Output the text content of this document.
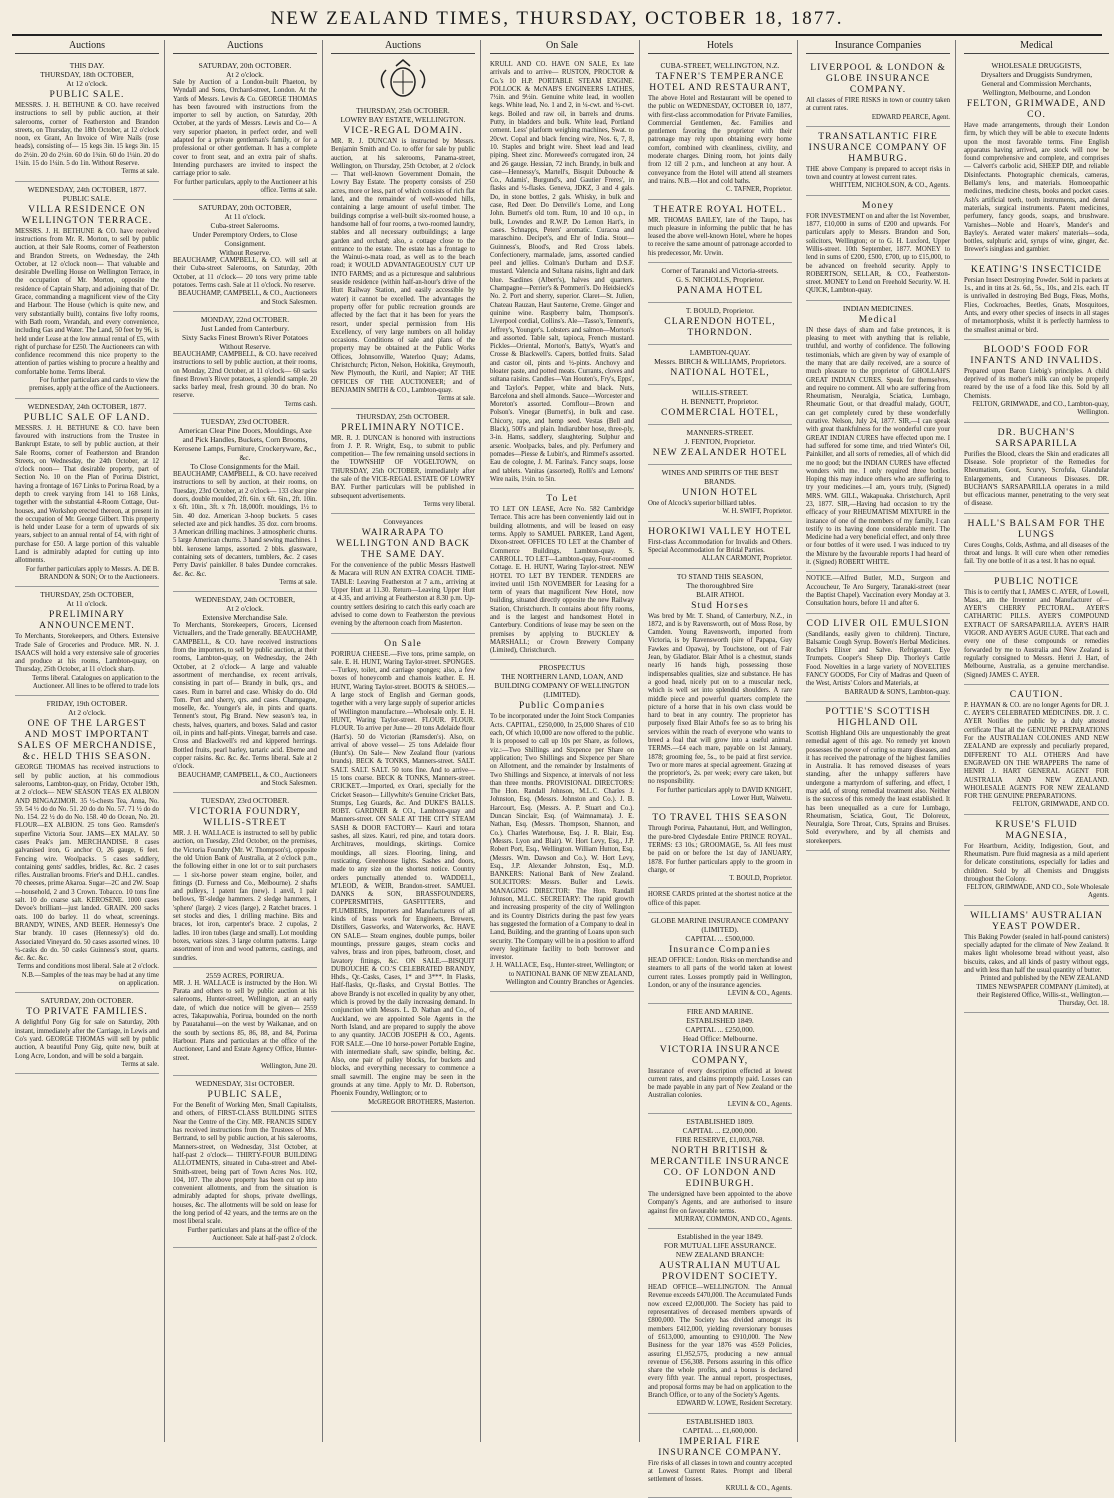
NEW ZEALAND TIMES, THURSDAY, OCTOBER 18, 1877.
Auctions
THIS DAY.
THURSDAY, 18th OCTOBER,
At 12 o'clock.
PUBLIC SALE.
MESSRS. J. H. BETHUNE & CO. have received instructions to sell by public auction, at their salerooms, corner of Featherston and Brandon streets, on Thursday, the 18th October, at 12 o'clock noon, ex Grant, An Invoice of Wire Nails (rose heads), consisting of— 15 kegs 3in. 15 kegs 3in. 15 do 2½in. 20 do 2½in. 60 do 1¾in. 60 do 1¼in. 20 do 1¼in. 15 do 1¼in. 5 do 1in. Without Reserve.
Terms at sale.
WEDNESDAY, 24th OCTOBER, 1877.
PUBLIC SALE.
VILLA RESIDENCE ON WELLINGTON TERRACE.
MESSRS. J. H. BETHUNE & CO. have received instructions from Mr. R. Morton, to sell by public auction, at their Sale Rooms, corner of Featherston and Brandon Streets, on Wednesday, the 24th October, at 12 o'clock noon— That valuable and desirable Dwelling House on Wellington Terrace, in the occupation of Mr. Morton, opposite the residence of Captain Sharp, and adjoining that of Dr. Grace, commanding a magnificent view of the City and Harbour. The House (which is quite new, and very substantially built), contains five lofty rooms, with Bath room, Verandah, and every convenience, including Gas and Water. The Land, 50 feet by 96, is held under Lease at the low annual rental of £5, with right of purchase for £250. The Auctioneers can with confidence recommend this nice property to the attention of parties wishing to procure a healthy and comfortable home. Terms liberal.
For further particulars and cards to view the premises, apply at the office of the Auctioneers.
WEDNESDAY, 24th OCTOBER, 1877.
PUBLIC SALE OF LAND.
MESSRS. J. H. BETHUNE & CO. have been favoured with instructions from the Trustee in Bankrupt Estate, to sell by public auction, at their Sale Rooms, corner of Featherston and Brandon Streets, on Wednesday, the 24th October, at 12 o'clock noon— That desirable property, part of Section No. 10 on the Plan of Porirua District, having a frontage of 167 Links to Porirua Road, by a depth to creek varying from 141 to 168 Links, together with the substantial 4-Room Cottage, Out-houses, and Workshop erected thereon, at present in the occupation of Mr. George Gilbert. This property is held under Lease for a term of upwards of six years, subject to an annual rental of £4, with right of purchase for £50. A large portion of this valuable Land is admirably adapted for cutting up into allotments.
For further particulars apply to Messrs. A. DE B. BRANDON & SON; Or to the Auctioneers.
THURSDAY, 25th OCTOBER,
At 11 o'clock.
PRELIMINARY ANNOUNCEMENT.
To Merchants, Storekeepers, and Others. Extensive Trade Sale of Groceries and Produce. MR. N. J. ISAACS will hold a very extensive sale of groceries and produce at his rooms, Lambton-quay, on Thursday, 25th October, at 11 o'clock sharp.
Terms liberal. Catalogues on application to the Auctioneer. All lines to be offered to trade lots
FRIDAY, 19th OCTOBER.
At 2 o'clock.
ONE OF THE LARGEST AND MOST IMPORTANT SALES OF MERCHANDISE, &c. HELD THIS SEASON.
GEORGE THOMAS has received instructions to sell by public auction, at his commodious salerooms, Lambton-quay, on Friday, October 19th, at 2 o'clock— NEW SEASON TEAS EX ALBION AND BINGAZIMOR. 35 ½-chests Tea, Anna, No. 59. 54 ½ do do No. 51. 20 do do No. 57. 71 ½ do do No. 154. 22 ½ do do No. 158. 40 do Ocean, No. 20. FLOUR—EX ALBION. 25 tons Geo. Ramsden's superfine Victoria Sour. JAMS—EX MALAY. 50 cases Peak's jam. MERCHANDISE. 8 cases galvanised iron, G anchor O, 26 gauge, 6 feet. Fencing wire. Woolpacks. 5 cases saddlery, containing gents' saddles, bridles, &c. &c. 2 cases rifles. Australian brooms. Frier's and D.H.L. candles. 70 cheeses, prime Akaroa. Sugar—2C and 2W. Soap—household, 2 and 3 Crown. Tobacco. 10 tons fine salt. 10 do coarse salt. KEROSENE. 1000 cases Devoe's brilliant—just landed. GRAIN. 200 sacks oats. 100 do barley. 11 do wheat, screenings. BRANDY, WINES, AND BEER. Hennessy's One Star brandy. 10 cases (Hennessy's) old do. Associated Vineyard do. 50 cases assorted wines. 10 ¼-casks do do. 50 casks Guinness's stout, quarts. &c. &c. &c.
Terms and conditions most liberal. Sale at 2 o'clock. N.B.—Samples of the teas may be had at any time on application.
SATURDAY, 20th OCTOBER.
TO PRIVATE FAMILIES.
A delightful Pony Gig for sale on Saturday, 20th instant, immediately after the Carriage, in Lewis and Co's yard. GEORGE THOMAS will sell by public auction, A beautiful Pony Gig, quite new, built at Long Acre, London, and will be sold a bargain.
Terms at sale.
Auctions
SATURDAY, 20th OCTOBER.
At 2 o'clock.
Sale by Auction of a London-built Phaeton, by Wyndall and Sons, Orchard-street, London. At the Yards of Messrs. Lewis & Co. GEORGE THOMAS has been favoured with instructions from the importer to sell by auction, on Saturday, 20th October, at the yards of Messrs. Lewis and Co— A very superior phaeton, in perfect order, and well adapted for a private gentleman's family, or for a professional or other gentleman. It has a complete cover to front seat, and an extra pair of shafts. Intending purchasers are invited to inspect the carriage prior to sale.
For further particulars, apply to the Auctioneer at his office. Terms at sale.
SATURDAY, 20th OCTOBER,
At 11 o'clock.
Cuba-street Salerooms.
Under Peremptory Orders, to Close Consignment.
Without Reserve.
BEAUCHAMP, CAMPBELL, & CO. will sell at their Cuba-street Salerooms, on Saturday, 20th October, at 11 o'clock— 20 tons very prime table potatoes. Terms cash. Sale at 11 o'clock. No reserve.
BEAUCHAMP, CAMPBELL, & CO., Auctioneers and Stock Salesmen.
MONDAY, 22nd OCTOBER.
Just Landed from Canterbury.
Sixty Sacks Finest Brown's River Potatoes Without Reserve.
BEAUCHAMP, CAMPBELL, & CO. have received instructions to sell by public auction, at their rooms, on Monday, 22nd October, at 11 o'clock— 60 sacks finest Brown's River potatoes, a splendid sample. 20 sacks barley meal, fresh ground. 30 do bran. No reserve.
Terms cash.
TUESDAY, 23rd OCTOBER.
American Clear Pine Doors, Mouldings, Axe and Pick Handles, Buckets, Corn Brooms, Kerosene Lamps, Furniture, Crockeryware, &c., &c.
To Close Consignments for the Mail.
BEAUCHAMP, CAMPBELL, & CO. have received instructions to sell by auction, at their rooms, on Tuesday, 23rd October, at 2 o'clock— 133 clear pine doors, double moulded, 2ft. 6in. x 6ft. 6in., 2ft. 10in. x 6ft. 10in., 3ft. x 7ft. 18,000ft. mouldings, 1½ to 5in. 40 doz. American 3-hoop buckets. 5 cases selected axe and pick handles. 35 doz. corn brooms. 3 American drilling machines. 3 atmospheric churns. 5 large American churns. 3 hand sewing machines. 1 bbl. kerosene lamps, assorted. 2 bbls. glassware, containing sets of decanters, tumblers, &c. 2 cases Perry Davis' painkiller. 8 bales Dundee corncrakes. &c. &c. &c.
Terms at sale.
WEDNESDAY, 24th OCTOBER,
At 2 o'clock.
Extensive Merchandise Sale.
To Merchants, Storekeepers, Grocers, Licensed Victuallers, and the Trade generally. BEAUCHAMP, CAMPBELL, & CO. have received instructions from the importers, to sell by public auction, at their rooms, Lambton-quay, on Wednesday, the 24th October, at 2 o'clock— A large and valuable assortment of merchandise, ex recent arrivals, consisting in part of— Brandy in bulk, qrs., and cases. Rum in barrel and case. Whisky do do. Old Tom. Port and sherry, qrs. and cases. Champagne, moselle, &c. Younger's ale, in pints and quarts. Tennent's stout, Pig Brand. New season's tea, in chests, halves, quarters, and boxes. Salad and castor oil, in pints and half-pints. Vinegar, barrels and case. Cross and Blackwell's red and kippered herrings. Bottled fruits, pearl barley, tartaric acid. Ebeme and copper raisins. &c. &c. &c. Terms liberal. Sale at 2 o'clock.
BEAUCHAMP, CAMPBELL, & CO., Auctioneers and Stock Salesmen.
TUESDAY, 23rd OCTOBER.
VICTORIA FOUNDRY, WILLIS-STREET
MR. J. H. WALLACE is instructed to sell by public auction, on Tuesday, 23rd October, on the premises, the Victoria Foundry (Mr. W. Thompson's), opposite the old Union Bank of Australia, at 2 o'clock p.m., the following either in one lot or to suit purchasers— 1 six-horse power steam engine, boiler, and fittings (D. Furness and Co., Melbourne). 2 shafts and pulleys, 1 patent fan (new). 1 anvil, 1 pair bellows, 'B'-sledge hammers. 2 sledge hammers, 1 'sphere' (large). 2 vices (large), 2 Ratchet braces. 1 set stocks and dies, 1 drilling machine. Bits and braces, lot iron, carpenter's brace. 2 cupolas, 2 ladles. 10 iron tubes (large and small). Lot moulding boxes, various sizes. 3 large column patterns. Large assortment of iron and wood patterns, castings, and sundries.
2559 ACRES, PORIRUA.
MR. J. H. WALLACE is instructed by the Hon. Wi Parata and others to sell by public auction at his salerooms, Hunter-street, Wellington, at an early date, of which due notice will be given— 2559 acres, Takapuwahia, Porirua, bounded on the north by Pauatahanui—on the west by Waikanae, and on the south by sections 85, 86, 88, and 84, Porirua Harbour. Plans and particulars at the office of the Auctioneer, Land and Estate Agency Office, Hunter-street.
Wellington, June 20.
WEDNESDAY, 31st OCTOBER.
PUBLIC SALE,
For the Benefit of Working Men, Small Capitalists, and others, of FIRST-CLASS BUILDING SITES Near the Centre of the City. MR. FRANCIS SIDEY has received instructions from the Trustees of Mrs. Bertrand, to sell by public auction, at his salerooms, Manners-street, on Wednesday, 31st October, at half-past 2 o'clock— THIRTY-FOUR BUILDING ALLOTMENTS, situated in Cuba-street and Abel-Smith-street, being part of Town Acres Nos. 102, 104, 107. The above property has been cut up into convenient allotments, and from the situation is admirably adapted for shops, private dwellings, houses, &c. The allotments will be sold on lease for the long period of 42 years, and the terms are on the most liberal scale.
Further particulars and plans at the office of the Auctioneer. Sale at half-past 2 o'clock.
Auctions
THURSDAY, 25th OCTOBER.
LOWRY BAY ESTATE, WELLINGTON.
VICE-REGAL DOMAIN.
MR. R. J. DUNCAN is instructed by Messrs. Benjamin Smith and Co. to offer for sale by public auction, at his salerooms, Panama-street, Wellington, on Thursday, 25th October, at 2 o'clock— That well-known Government Domain, the Lowry Bay Estate. The property consists of 250 acres, more or less, part of which consists of rich flat land, and the remainder of well-wooded hills, containing a large amount of useful timber. The buildings comprise a well-built six-roomed house, a handsome hall of four rooms, a two-roomed laundry, stables and all necessary outbuildings; a large garden and orchard; also, a cottage close to the entrance to the estate. The estate has a frontage to the Wainui-o-mata road, as well as to the beach road; it WOULD ADVANTAGEOUSLY CUT UP INTO FARMS; and as a picturesque and salubrious seaside residence (within half-an-hour's drive of the Hutt Railway Station, and easily accessible by water) it cannot be excelled. The advantages the property offer for public recreation grounds are affected by the fact that it has been for years the resort, under special permission from His Excellency, of very large numbers on all holiday occasions. Conditions of sale and plans of the property may be obtained at the Public Works Offices, Johnsonville, Waterloo Quay; Adams, Christchurch; Picton, Nelson, Hokitika, Greymouth, New Plymouth, the Kuril, and Napier; AT THE OFFICES OF THE AUCTIONEER; and of BENJAMIN SMITH & CO., Lambton-quay.
Terms at sale.
THURSDAY, 25th OCTOBER.
PRELIMINARY NOTICE.
MR. R. J. DUNCAN is honored with instructions from J. P. R. Wright, Esq., to submit to public competition— The few remaining unsold sections in the TOWNSHIP OF VOGELTOWN, on THURSDAY, 25th OCTOBER, immediately after the sale of the VICE-REGAL ESTATE OF LOWRY BAY. Further particulars will be published in subsequent advertisements.
Terms very liberal.
Conveyances
WAIRARAPA TO WELLINGTON AND BACK THE SAME DAY.
For the convenience of the public Messrs Hastwell & Macara will RUN AN EXTRA COACH. TIME-TABLE: Leaving Featherston at 7 a.m., arriving at Upper Hutt at 11.30. Return—Leaving Upper Hutt at 4.35, and arriving at Featherston at 8.30 p.m. Up-country settlers desiring to catch this early coach are advised to come down to Featherston the previous evening by the afternoon coach from Masterton.
On Sale
PORIRUA CHEESE.—Five tons, prime sample, on sale. E. H. HUNT, Waring Taylor-street. SPONGES.—Turkey, toilet, and carriage sponges; also, a few boxes of honeycomb and chamois leather. E. H. HUNT, Waring Taylor-street. BOOTS & SHOES.—A large stock of English and German goods, together with a very large supply of superior articles of Wellington manufacture.—Wholesale only. E. H. HUNT, Waring Taylor-street. FLOUR. FLOUR. FLOUR. To arrive per June— 20 tons Adelaide flour (Hart's). 50 do Victorian (Ramsden's). Also, on arrival of above vessel— 25 tons Adelaide flour (Hunt's). On Sale— New Zealand flour (various brands). BECK & TONKS, Manners-street. SALT. SALT. SALT. SALT. 50 tons fine. And to arrive— 15 tons coarse. BECK & TONKS, Manners-street. CRICKET.—Imported, ex Orari, specially for the Cricket Season— Lillywhite's Genuine Cricket Bats, Stumps, Leg Guards, &c. And DUKE'S BALLS. ROBT. GARDNER & CO., Lambton-quay and Manners-street. ON SALE AT THE CITY STEAM SASH & DOOR FACTORY— Kauri and totara sashes, all sizes. Kauri, red pine, and totara doors. Architraves, mouldings, skirtings. Cornice mouldings, all sizes. Flooring, lining, and rusticating. Greenhouse lights. Sashes and doors, made to any size on the shortest notice. Country orders punctually attended to. WADDELL, M'LEOD, & WEIR, Brandon-street. SAMUEL DANKS & SON, BRASSFOUNDERS, COPPERSMITHS, GASFITTERS, and PLUMBERS, Importers and Manufacturers of all kinds of brass work for Engineers, Brewers, Distillers, Gasworks, and Waterworks, &c. HAVE ON SALE— Steam engines, double pumps, boiler mountings, pressure gauges, steam cocks and valves, brass and iron pipes, bathroom, closet, and lavatory fittings, &c. ON SALE.—BISQUIT DUBOUCHE & CO.'S CELEBRATED BRANDY, Hhds., Qr.-Casks, Cases, 1* and 3***. In Flasks, Half-flasks, Qr.-flasks, and Crystal Bottles. The above Brandy is not excelled in quality by any other, which is proved by the daily increasing demand. In conjunction with Messrs. L. D. Nathan and Co., of Auckland, we are appointed Sole Agents in the North Island, and are prepared to supply the above to any quantity. JACOB JOSEPH & CO., Agents. FOR SALE.—One 10 horse-power Portable Engine, with intermediate shaft, saw spindle, belting, &c. Also, one pair of pulley blocks, for buckets and blocks, and everything necessary to commence a small sawmill. The engine may be seen in the grounds at any time. Apply to Mr. D. Robertson, Phoenix Foundry, Wellington; or to
McGREGOR BROTHERS, Masterton.
On Sale
KRULL AND CO. HAVE ON SALE, Ex late arrivals and to arrive— RUSTON, PROCTOR & Co.'s 10 H.P. PORTABLE STEAM ENGINE. POLLOCK & McNAB'S ENGINEERS LATHES, 7½in. and 9½in. Genuine white lead, in woollen kegs. White lead, No. 1 and 2, in ¼-cwt. and ½-cwt. kegs. Boiled and raw oil, in barrels and drums. Putty, in bladders and bulk. White lead, Portland cement. Less' platform weighing machines, Swat. to 20cwt. Copal and black fencing wire, Nos. 6, 7, 8, 10. Staples and bright wire. Sheet lead and lead piping. Sheet zinc. Moreweed's corrugated iron, 24 and 26 gauge. Hessian, 72 inch. Brandy, in bulk and case—Hennessy's, Martell's, Bisquit Dubouche & Co., Adamis', Burgund's, and Gautier Freres', in flasks and ½-flasks. Geneva, JDKZ, 3 and 4 gals. Do, in stone bottles, 2 gals. Whisky, in bulk and case, Red Deer. Do Denville's Lorne, and Long John. Burnett's old tom. Rum, 10 and 10 o.p., in bulk, Lowndes and R.W.P. Do Lemon Hart's, in cases. Schnapps, Peters' aromatic. Curacoa and maraschino. Decipet's, and Ehr of India. Stout—Guinness's, Blood's, and Red Cross labels. Confectionery, marmalade, jams, assorted candied peel and jellies. Colman's Durham and D.S.F. mustard. Valencia and Sultana raisins, light and dark blue. Sardines (Albert's), halves and quarters. Champagne—Perrier's & Pommeri's. Do Heidsieck's No. 2. Port and sherry, superior. Claret—St. Julien, Chateau Rauzan, Haut Sauterne, Creme. Ginger and quinine wine. Raspberry balm, Thompson's. Liverpool cordial, Collins's. Ale—Tasso's, Tennent's, Jeffrey's, Younger's. Lobsters and salmon—Morton's and assorted. Table salt, tapioca, French mustard. Pickles—Oriental, Morton's, Batty's, Wyatt's and Crosse & Blackwell's. Capers, bottled fruits. Salad and castor oil, pints and ½-pints. Anchovy and bloater paste, and potted meats. Currants, cloves and sultana raisins. Candles—Van Houten's, Fry's, Epps', and Taylor's. Pepper, white and black. Nuts, Barcelona and shell almonds. Sauce—Worcester and Moreton's assorted. Cornflour—Brown and Polson's. Vinegar (Burnett's), in bulk and case. Chicory, rape, and hemp seed. Vestas (Bell and Black), 500's and plain. Indiarubber hose, three-ply, 3-in. Hams, saddlery, slaughtering. Sulphur and arsenic. Woolpacks, bales, and ply. Perfumery and pomades—Piesse & Lubin's, and Rimmel's assorted. Eau de cologne, J. M. Farina's. Fancy soaps, loose and tablets. Vanitas (assorted), Rolli's and Lemons' Wire nails, 1½in. to 5in.
To Let
TO LET ON LEASE, Acre No. 582 Cambridge Terrace. This acre has been conveniently laid out in building allotments, and will be leased on easy terms. Apply to SAMUEL PARKER, Land Agent, Dixon-street. OFFICES TO LET at the Chamber of Commerce Buildings, Lambton-quay. S. CARROLL. TO LET—Lambton-quay, Four-roomed Cottage. E. H. HUNT, Waring Taylor-street. NEW HOTEL TO LET BY TENDER. TENDERS are invited until 15th NOVEMBER for Leasing for a term of years that magnificent New Hotel, now building, situated directly opposite the new Railway Station, Christchurch. It contains about fifty rooms, and is the largest and handsomest Hotel in Canterbury. Conditions of lease may be seen on the premises by applying to BUCKLEY & MARSHALL; or Crown Brewery Company (Limited), Christchurch.
PROSPECTUS
THE NORTHERN LAND, LOAN, AND BUILDING COMPANY OF WELLINGTON (LIMITED).
Public Companies
To be incorporated under the Joint Stock Companies Acts. CAPITAL, £250,000, In 25,000 Shares of £10 each, Of which 10,000 are now offered to the public. It is proposed to call up 10s per Share, as follows, viz.:—Two Shillings and Sixpence per Share on application; Two Shillings and Sixpence per Share on Allotment, and the remainder by Instalments of Two Shillings and Sixpence, at intervals of not less than three months. PROVISIONAL DIRECTORS: The Hon. Randall Johnson, M.L.C. Charles J. Johnston, Esq. (Messrs. Johnston and Co.). J. B. Harcourt, Esq. (Messrs. A. P. Stuart and Co.). Duncan Sinclair, Esq. (of Waimnamata). J. E. Nathan, Esq. (Messrs. Thompson, Shannon, and Co.). Charles Waterhouse, Esq. J. R. Blair, Esq. (Messrs. Lyon and Blair). W. Hort Levy, Esq., J.P. Robert Port, Esq., Wellington. William Hutton, Esq. (Messrs. Wm. Dawson and Co.). W. Hort Levy, Esq., J.P. Alexander Johnston, Esq., M.D. BANKERS: National Bank of New Zealand. SOLICITORS: Messrs. Buller and Lewis. MANAGING DIRECTOR: The Hon. Randall Johnson, M.L.C. SECRETARY: The rapid growth and increasing prosperity of the city of Wellington and its Country Districts during the past few years has suggested the formation of a Company to deal in Land, Building, and the granting of Loans upon such security. The Company will be in a position to afford every legitimate facility to both borrower and investor.
J. H. WALLACE, Esq., Hunter-street, Wellington; or to NATIONAL BANK OF NEW ZEALAND, Wellington and Country Branches or Agencies.
Hotels
CUBA-STREET, WELLINGTON, N.Z.
TAFNER'S TEMPERANCE HOTEL AND RESTAURANT,
The above Hotel and Restaurant will be opened to the public on WEDNESDAY, OCTOBER 10, 1877, with first-class accommodation for Private Families, Commercial Gentlemen, &c. Families and gentlemen favoring the proprietor with their patronage may rely upon obtaining every home comfort, combined with cleanliness, civility, and moderate charges. Dining room, hot joints daily from 12 till 2 p.m., and luncheon at any hour. A conveyance from the Hotel will attend all steamers and trains. N.B.—Hot and cold baths.
C. TAFNER, Proprietor.
THEATRE ROYAL HOTEL.
MR. THOMAS BAILEY, late of the Taupo, has much pleasure in informing the public that he has leased the above well-known Hotel, where he hopes to receive the same amount of patronage accorded to his predecessor, Mr. Urwin.
Corner of Taranaki and Victoria-streets.
G. S. NICHOLLS, Proprietor.
PANAMA HOTEL
T. BOULD, Proprietor.
CLARENDON HOTEL, THORNDON.
LAMBTON-QUAY.
Messrs. BIRCH & WILLIAMS, Proprietors.
NATIONAL HOTEL,
WILLIS-STREET.
H. BENNETT, Proprietor.
COMMERCIAL HOTEL,
MANNERS-STREET.
J. FENTON, Proprietor.
NEW ZEALANDER HOTEL
WINES AND SPIRITS OF THE BEST BRANDS.
UNION HOTEL
One of Alcock's superior billiard tables.
W. H. SWIFT, Proprietor.
HOROKIWI VALLEY HOTEL
First-class Accommodation for Invalids and Others. Special Accommodation for Bridal Parties.
ALLAN CARMONT, Proprietor.
TO STAND THIS SEASON,
The thoroughbred Sire
BLAIR ATHOL
Stud Horses
Was bred by Mr. T. Shand, of Canterbury, N.Z., in 1872, and is by Ravensworth, out of Moss Rose, by Camden. Young Ravensworth, imported from Victoria, is by Ravensworth (sire of Papapa, Guy Fawkes and Opawa), by Touchstone, out of Fair Jean, by Gladiator. Blair Athol is a chestnut, stands nearly 16 hands high, possessing those indispensables qualities, size and substance. He has a good head, nicely put on to a muscular neck, which is well set into splendid shoulders. A rare middle piece and powerful quarters complete the picture of a horse that in his own class would be hard to beat in any country. The proprietor has purposely fixed Blair Athol's fee so as to bring his services within the reach of everyone who wants to breed a foal that will grow into a useful animal. TERMS.—£4 each mare, payable on 1st January, 1878; grooming fee, 5s., to be paid at first service. Two or more mares at special agreement. Grazing at the proprietor's, 2s. per week; every care taken, but no responsibility.
For further particulars apply to DAVID KNIGHT, Lower Hutt, Waiwetu.
TO TRAVEL THIS SEASON
Through Porirua, Pahautanui, Hutt, and Wellington, the pure-bred Clydesdale Entire PRINCE ROYAL. TERMS: £3 10s.; GROOMAGE, 5s. All fees must be paid on or before the 1st day of JANUARY, 1878. For further particulars apply to the groom in charge, or
T. BOULD, Proprietor.
HORSE CARDS printed at the shortest notice at the office of this paper.
GLOBE MARINE INSURANCE COMPANY (LIMITED).
CAPITAL ... £500,000.
Insurance Companies
HEAD OFFICE: London. Risks on merchandise and steamers to all parts of the world taken at lowest current rates. Losses promptly paid in Wellington, London, or any of the insurance agencies.
LEVIN & CO., Agents.
FIRE AND MARINE.
ESTABLISHED 1849.
CAPITAL ... £250,000.
Head Office: Melbourne.
VICTORIA INSURANCE COMPANY,
Insurance of every description effected at lowest current rates, and claims promptly paid. Losses can be made payable in any part of New Zealand or the Australian colonies.
LEVIN & CO., Agents.
ESTABLISHED 1809.
CAPITAL ... £2,000,000.
FIRE RESERVE, £1,003,768.
NORTH BRITISH & MERCANTILE INSURANCE CO. OF LONDON AND EDINBURGH.
The undersigned have been appointed to the above Company's Agents, and are authorised to insure against fire on favourable terms.
MURRAY, COMMON, AND CO., Agents.
Established in the year 1849.
FOR MUTUAL LIFE ASSURANCE.
NEW ZEALAND BRANCH:
AUSTRALIAN MUTUAL PROVIDENT SOCIETY.
HEAD OFFICE—WELLINGTON. The Annual Revenue exceeds £470,000. The Accumulated Funds now exceed £2,000,000. The Society has paid to representatives of deceased members upwards of £800,000. The Society has divided amongst its members £412,000, yielding reversionary bonuses of £613,000, amounting to £910,000. The New Business for the year 1876 was 4559 Policies, assuring £1,952,575, producing a new annual revenue of £56,308. Persons assuring in this office share the whole profits, and a bonus is declared every fifth year. The annual report, prospectuses, and proposal forms may be had on application to the Branch Office, or to any of the Society's Agents.
EDWARD W. LOWE, Resident Secretary.
ESTABLISHED 1803.
CAPITAL ... £1,600,000.
IMPERIAL FIRE INSURANCE COMPANY.
Fire risks of all classes in town and country accepted at Lowest Current Rates. Prompt and liberal settlement of losses.
KRULL & CO., Agents.
Insurance Companies
LIVERPOOL & LONDON & GLOBE INSURANCE COMPANY.
All classes of FIRE RISKS in town or country taken at current rates.
EDWARD PEARCE, Agent.
TRANSATLANTIC FIRE INSURANCE COMPANY OF HAMBURG.
THE above Company is prepared to accept risks in town and country at lowest current rates.
WHITTEM, NICHOLSON, & CO., Agents.
Money
FOR INVESTMENT on and after the 1st November, 1877, £10,000 in sums of £200 and upwards. For particulars apply to Messrs. Brandon and Son, solicitors, Wellington; or to G. H. Luxford, Upper Willis-street. 10th September, 1877. MONEY to lend in sums of £200, £500, £700, up to £15,000, to be advanced on freehold security. Apply to ROBERTSON, SELLAR, & CO., Featherston-street. MONEY to Lend on Freehold Security. W. H. QUICK, Lambton-quay.
INDIAN MEDICINES.
Medical
IN these days of sham and false pretences, it is pleasing to meet with anything that is reliable, truthful, and worthy of confidence. The following testimonials, which are given by way of example of the many that are daily received, are a source of much pleasure to the proprietor of GHOLLAH'S GREAT INDIAN CURES. Speak for themselves, and require no comment. All who are suffering from Rheumatism, Neuralgia, Sciatica, Lumbago, Rheumatic Gout, or that dreadful malady, GOUT, can get completely cured by these wonderfully curative. Nelson, July 24, 1877. SIR,—I can speak with great thankfulness for the wonderful cure your GREAT INDIAN CURES have effected upon me. I had suffered for some time, and tried Winter's Oil, Painkiller, and all sorts of remedies, all of which did me no good; but the INDIAN CURES have effected wonders with me. I only required three bottles. Hoping this may induce others who are suffering to try your medicines.—I am, yours truly, (Signed) MRS. WM. GILL, Wakapuaka. Christchurch, April 23, 1877. SIR,—Having had occasion to try the efficacy of your RHEUMATISM MIXTURE in the instance of one of the members of my family, I can testify to its having done considerable merit. The Medicine had a very beneficial effect, and only three or four bottles of it were used. I was induced to try the Mixture by the favourable reports I had heard of it. (Signed) ROBERT WHITE.
NOTICE.—Alfred Butler, M.D., Surgeon and Accoucheur, Te Aro Surgery, Taranaki-street (near the Baptist Chapel). Vaccination every Monday at 3. Consultation hours, before 11 and after 6.
COD LIVER OIL EMULSION
(Sandilands, easily given to children). Tincture, Balsamic Cough Syrup. Bowen's Herbal Medicines. Roche's Elixer and Salve. Refrigerant. Eye Trumpets. Cooper's Sheep Dip. Thorley's Cattle Food. Novelties in a large variety of NOVELTIES FANCY GOODS, For City of Madras and Queen of the West, Artists' Colors and Materials, at
BARRAUD & SON'S, Lambton-quay.
POTTIE'S SCOTTISH HIGHLAND OIL
Scottish Highland Oils are unquestionably the great remedial agent of this age. No remedy yet known possesses the power of curing so many diseases, and it has received the patronage of the highest families in Australia. It has removed diseases of years standing, after the unhappy sufferers have undergone a martyrdom of suffering, and effect, I may add, of strong remedial treatment also. Neither is the success of this remedy the least established. It has been unequalled as a cure for Lumbago, Rheumatism, Sciatica, Gout, Tic Doloreux, Neuralgia, Sore Throat, Cuts, Sprains and Bruises. Sold everywhere, and by all chemists and storekeepers.
Medical
WHOLESALE DRUGGISTS,
Drysalters and Druggists Sundrymen,
General and Commission Merchants,
Wellington, Melbourne, and London
FELTON, GRIMWADE, AND CO.
Have made arrangements, through their London firm, by which they will be able to execute Indents upon the most favorable terms. Fine English apparatus having arrived, are stock will now be found comprehensive and complete, and comprises— Calvert's carbolic acid, SHEEP DIP, and reliable Disinfectants. Photographic chemicals, cameras, Bellamy's lens, and materials. Homoeopathic medicines, medicine chests, books and pocket cases. Ash's artificial teeth, tooth instruments, and dental materials, surgical instruments. Patent medicines, perfumery, fancy goods, soaps, and brushware. Varnishes—Noble and Hoare's, Mander's and Bayley's. Aerated water makers' materials—soda, bottles, sulphuric acid, syrups of wine, ginger, &c. Brewer's isinglass and gambier.
KEATING'S INSECTICIDE
Persian Insect Destroying Powder. Sold in packets at 1s., and in tins at 2s. 6d., 5s., 10s., and 21s. each. IT is unrivalled in destroying Bed Bugs, Fleas, Moths, Flies, Cockroaches, Beetles, Gnats, Mosquitoes, Ants, and every other species of insects in all stages of metamorphosis, whilst it is perfectly harmless to the smallest animal or bird.
BLOOD'S FOOD FOR INFANTS AND INVALIDS.
Prepared upon Baron Liebig's principles. A child deprived of its mother's milk can only be properly reared by the use of a food like this. Sold by all Chemists.
FELTON, GRIMWADE, and CO., Lambton-quay, Wellington.
DR. BUCHAN'S SARSAPARILLA
Purifies the Blood, clears the Skin and eradicates all Disease. Sole proprietor of the Remedies for Rheumatism, Gout, Scurvy, Scrofula, Glandular Enlargements, and Cutaneous Diseases. DR. BUCHAN'S SARSAPARILLA operates in a mild but efficacious manner, penetrating to the very seat of disease.
HALL'S BALSAM FOR THE LUNGS
Cures Coughs, Colds, Asthma, and all diseases of the throat and lungs. It will cure when other remedies fail. Try one bottle of it as a test. It has no equal.
PUBLIC NOTICE
This is to certify that I, JAMES C. AYER, of Lowell, Mass., am the Inventor and Manufacturer of— AYER'S CHERRY PECTORAL. AYER'S CATHARTIC PILLS. AYER'S COMPOUND EXTRACT OF SARSAPARILLA. AYER'S HAIR VIGOR. AND AYER'S AGUE CURE. That each and every one of these compounds or remedies forwarded by me to Australia and New Zealand is regularly consigned to Messrs. Henri J. Hart, of Melbourne, Australia, as a genuine merchandise. (Signed) JAMES C. AYER.
CAUTION.
P. HAYMAN & CO. are no longer Agents for DR. J. C. AYER'S CELEBRATED MEDICINES. DR. J. C. AYER Notifies the public by a duly attested certificate That all the GENUINE PREPARATIONS For the AUSTRALIAN COLONIES AND NEW ZEALAND are expressly and peculiarly prepared, DIFFERENT TO ALL OTHERS And have ENGRAVED ON THE WRAPPERS The name of HENRI J. HART GENERAL AGENT FOR AUSTRALIA AND NEW ZEALAND. WHOLESALE AGENTS FOR NEW ZEALAND FOR THE GENUINE PREPARATIONS.
FELTON, GRIMWADE, AND CO.
KRUSE'S FLUID MAGNESIA,
For Heartburn, Acidity, Indigestion, Gout, and Rheumatism. Pure fluid magnesia as a mild aperient for delicate constitutions, especially for ladies and children. Sold by all Chemists and Druggists throughout the Colony.
FELTON, GRIMWADE, AND CO., Sole Wholesale Agents.
WILLIAMS' AUSTRALIAN YEAST POWDER.
This Baking Powder (sealed in half-pound canisters) specially adapted for the climate of New Zealand. It makes light wholesome bread without yeast, also biscuits, cakes, and all kinds of pastry without eggs, and with less than half the usual quantity of butter.
Printed and published by the NEW ZEALAND TIMES NEWSPAPER COMPANY (Limited), at their Registered Office, Willis-st., Wellington.—Thursday, Oct. 18.
